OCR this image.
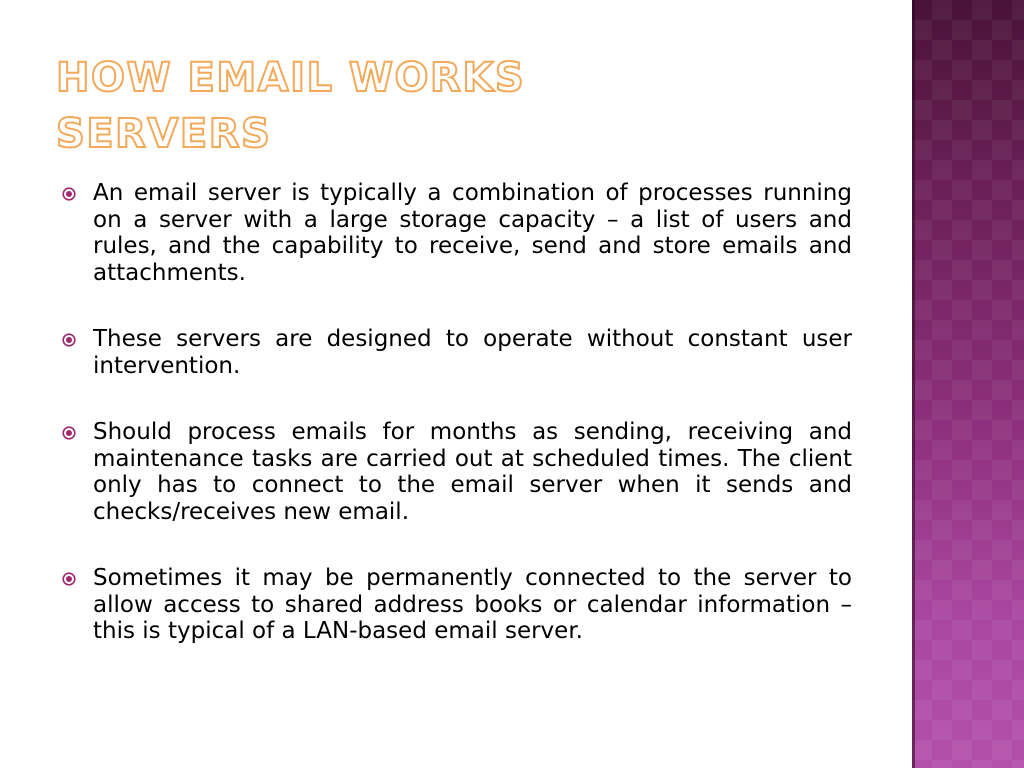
HOW EMAIL WORKS
SERVERS
An email server is typically a combination of processes running on a server with a large storage capacity – a list of users and rules, and the capability to receive, send and store emails and attachments.
These servers are designed to operate without constant user intervention.
Should process emails for months as sending, receiving and maintenance tasks are carried out at scheduled times. The client only has to connect to the email server when it sends and checks/receives new email.
Sometimes it may be permanently connected to the server to allow access to shared address books or calendar information – this is typical of a LAN-based email server.
